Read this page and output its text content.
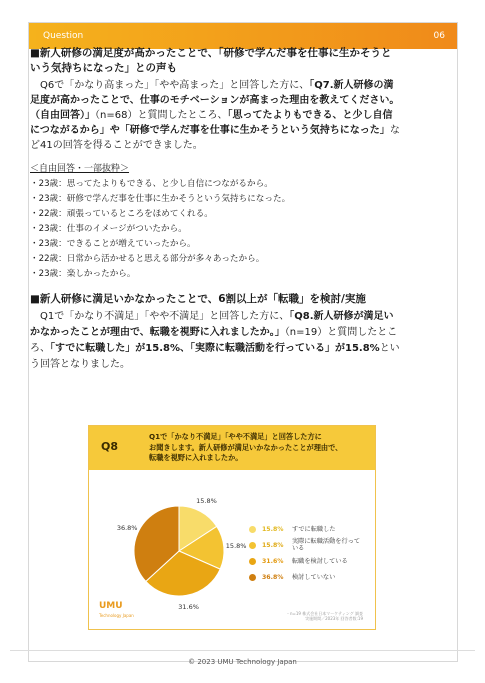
Question	06

■新人研修の満足度が高かったことで、「研修で学んだ事を仕事に生かそうという気持ちになった」との声も

Q6で「かなり高まった」「やや高まった」と回答した方に、「Q7.新人研修の満足度が高かったことで、仕事のモチベーションが高まった理由を教えてください。（自由回答）」（n=68）と質問したところ、「思ってたよりもできる、と少し自信につながるから」や「研修で学んだ事を仕事に生かそうという気持ちになった」など41の回答を得ることができました。

＜自由回答・一部抜粋＞
・ 23歳：思ってたよりもできる、と少し自信につながるから。
・ 23歳：研修で学んだ事を仕事に生かそうという気持ちになった。
・ 22歳：頑張っているところをほめてくれる。
・ 23歳：仕事のイメージがついたから。
・ 23歳：できることが増えていったから。
・ 22歳：日常から活かせると思える部分が多々あったから。
・ 23歳：楽しかったから。

■新人研修に満足いかなかったことで、6割以上が「転職」を検討/実施

Q1で「かなり不満足」「やや不満足」と回答した方に、「Q8.新人研修が満足いかなかったことが理由で、転職を視野に入れましたか。」（n=19）と質問したところ、「すでに転職した」が15.8%、「実際に転職活動を行っている」が15.8%という回答となりました。

Q8
Q1で「かなり不満足」「やや不満足」と回答した方に
お聞きします。新人研修が満足いかなかったことが理由で、
転職を視野に入れましたか。
15.8%
15.8%
31.6%
36.8%	15.8%	すでに転職した
15.8%	実際に転職活動を行っている
31.6%	転職を検討している
36.8%	検討していない
UMU
Technology Japan	・n=19 株式会社日本マーケティング 調査実施期間／2023年 回答者数:19
© 2023 UMU Technology Japan
